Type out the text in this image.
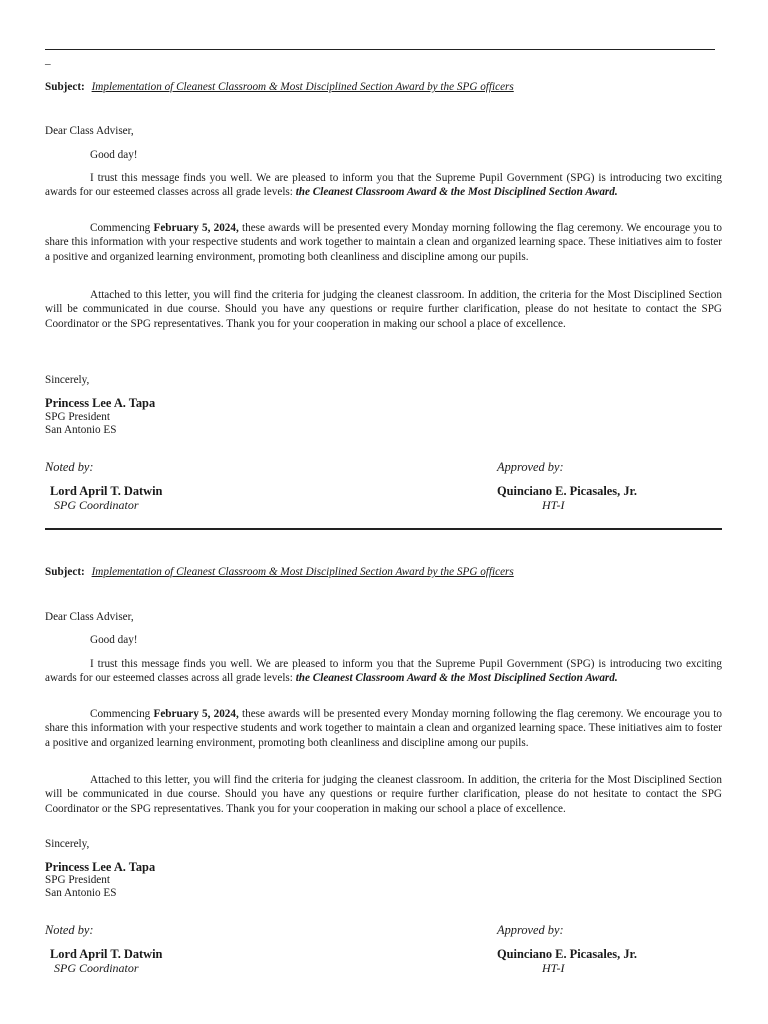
_
Subject: Implementation of Cleanest Classroom & Most Disciplined Section Award by the SPG officers
Dear Class Adviser,
Good day!
I trust this message finds you well. We are pleased to inform you that the Supreme Pupil Government (SPG) is introducing two exciting awards for our esteemed classes across all grade levels: the Cleanest Classroom Award & the Most Disciplined Section Award.
Commencing February 5, 2024, these awards will be presented every Monday morning following the flag ceremony. We encourage you to share this information with your respective students and work together to maintain a clean and organized learning space. These initiatives aim to foster a positive and organized learning environment, promoting both cleanliness and discipline among our pupils.
Attached to this letter, you will find the criteria for judging the cleanest classroom. In addition, the criteria for the Most Disciplined Section will be communicated in due course. Should you have any questions or require further clarification, please do not hesitate to contact the SPG Coordinator or the SPG representatives. Thank you for your cooperation in making our school a place of excellence.
Sincerely,
Princess Lee A. Tapa
SPG President
San Antonio ES
Noted by:	Approved by:
Lord April T. Datwin
SPG Coordinator
Quinciano E. Picasales, Jr.
HT-I
Subject: Implementation of Cleanest Classroom & Most Disciplined Section Award by the SPG officers
Dear Class Adviser,
Good day!
I trust this message finds you well. We are pleased to inform you that the Supreme Pupil Government (SPG) is introducing two exciting awards for our esteemed classes across all grade levels: the Cleanest Classroom Award & the Most Disciplined Section Award.
Commencing February 5, 2024, these awards will be presented every Monday morning following the flag ceremony. We encourage you to share this information with your respective students and work together to maintain a clean and organized learning space. These initiatives aim to foster a positive and organized learning environment, promoting both cleanliness and discipline among our pupils.
Attached to this letter, you will find the criteria for judging the cleanest classroom. In addition, the criteria for the Most Disciplined Section will be communicated in due course. Should you have any questions or require further clarification, please do not hesitate to contact the SPG Coordinator or the SPG representatives. Thank you for your cooperation in making our school a place of excellence.
Sincerely,
Princess Lee A. Tapa
SPG President
San Antonio ES
Noted by:	Approved by:
Lord April T. Datwin
SPG Coordinator
Quinciano E. Picasales, Jr.
HT-I
